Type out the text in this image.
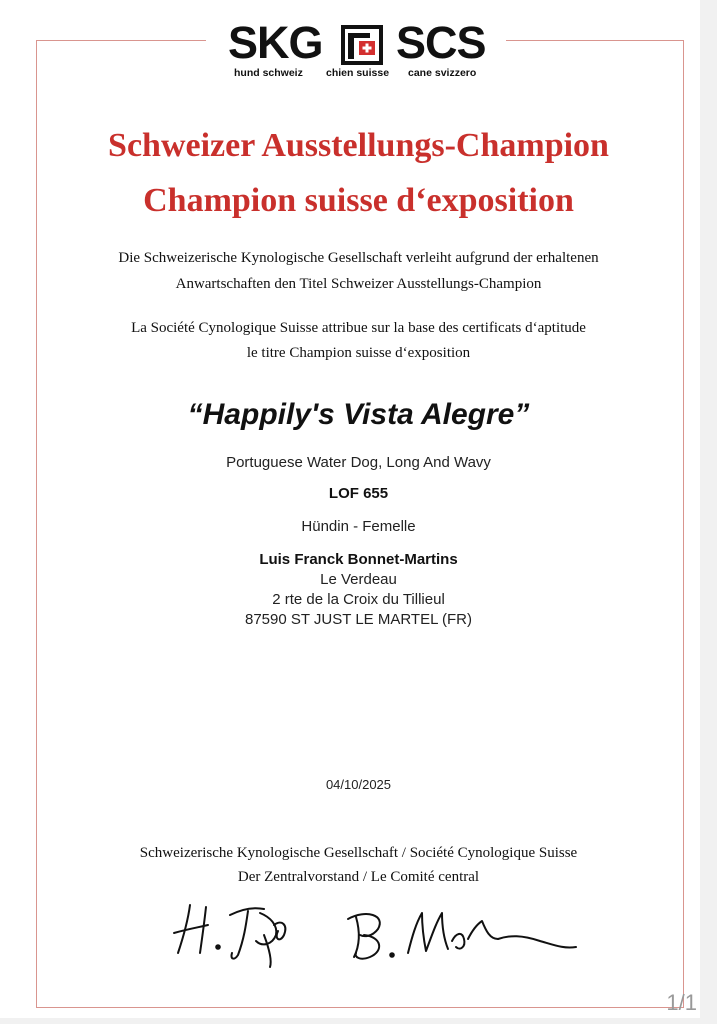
SKG SCS
hund schweiz chien suisse cane svizzero
Schweizer Ausstellungs-Champion
Champion suisse d‘exposition
Die Schweizerische Kynologische Gesellschaft verleiht aufgrund der erhaltenen
Anwartschaften den Titel Schweizer Ausstellungs-Champion
La Société Cynologique Suisse attribue sur la base des certificats d‘aptitude
le titre Champion suisse d‘exposition
“Happily's Vista Alegre”
Portuguese Water Dog, Long And Wavy
LOF 655
Hündin - Femelle
Luis Franck Bonnet-Martins
Le Verdeau
2 rte de la Croix du Tillieul
87590 ST JUST LE MARTEL (FR)
04/10/2025
Schweizerische Kynologische Gesellschaft / Société Cynologique Suisse
Der Zentralvorstand / Le Comité central
1/1
